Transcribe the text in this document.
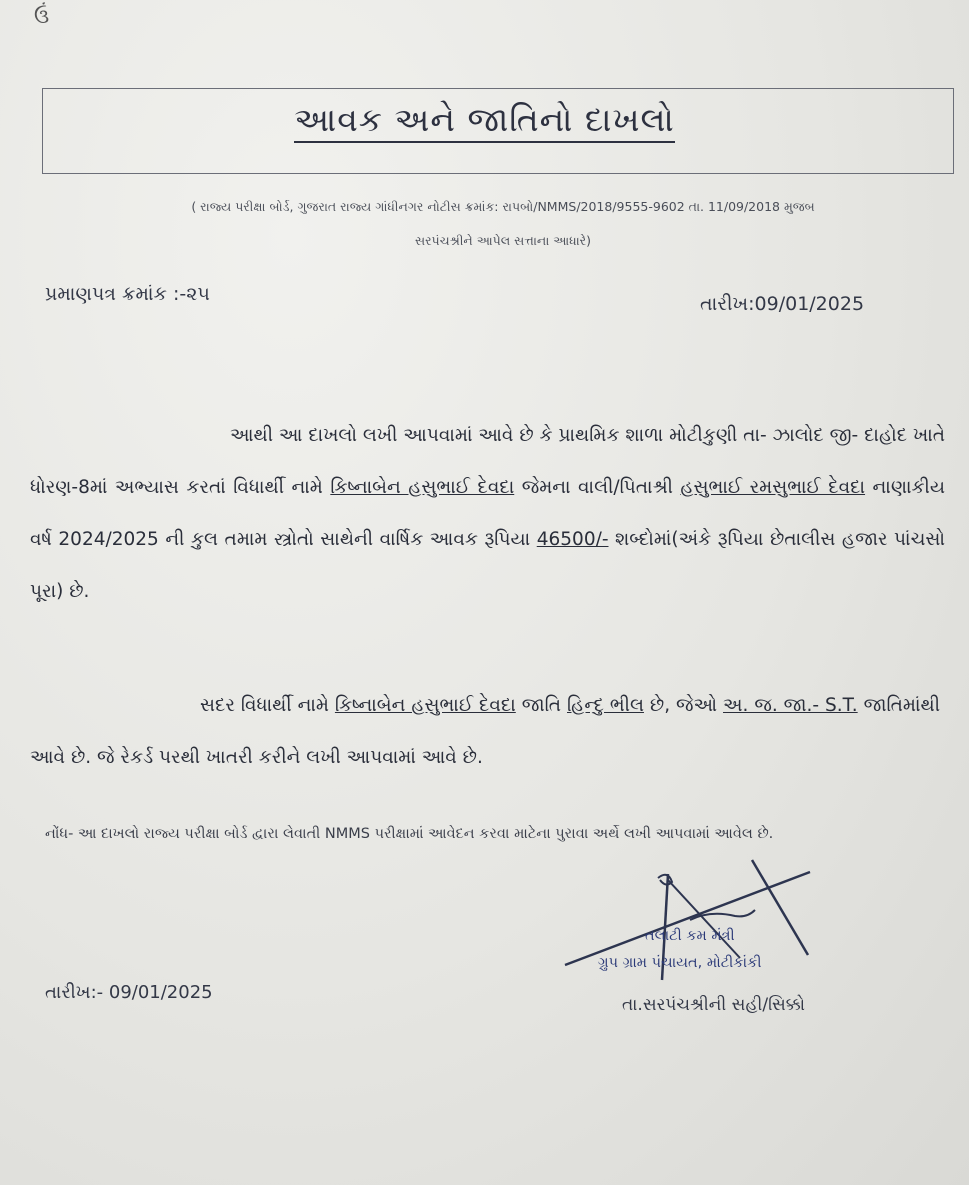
ઉં
આવક અને જાતિનો દાખલો
( રાજ્ય પરીક્ષા બોર્ડ, ગુજરાત રાજ્ય ગાંધીનગર નોટીસ ક્રમાંક: રાપબો/NMMS/2018/9555-9602 તા. 11/09/2018 મુજબ
સરપંચશ્રીને આપેલ સત્તાના આધારે)
પ્રમાણપત્ર ક્રમાંક :-૨૫	તારીખ:09/01/2025
આથી આ દાખલો લખી આપવામાં આવે છે કે પ્રાથમિક શાળા મોટીકુણી તા- ઝાલોદ જી- દાહોદ ખાતે ધોરણ-8માં અભ્યાસ કરતાં વિધાર્થી નામે કિષ્નાબેન હસુભાઈ દેવદા જેમના વાલી/પિતાશ્રી હસુભાઈ રમસુભાઈ દેવદા નાણાકીય વર્ષ 2024/2025 ની કુલ તમામ સ્ત્રોતો સાથેની વાર્ષિક આવક રૂપિયા 46500/- શબ્દોમાં(અંકે રૂપિયા છેતાલીસ હજાર પાંચસો પૂરા) છે.
સદર વિધાર્થી નામે કિષ્નાબેન હસુભાઈ દેવદા જાતિ હિન્દુ ભીલ છે, જેઓ અ. જ. જા.- S.T. જાતિમાંથી આવે છે. જે રેકર્ડ પરથી ખાતરી કરીને લખી આપવામાં આવે છે.
નોંધ- આ દાખલો રાજ્ય પરીક્ષા બોર્ડ દ્વારા લેવાતી NMMS પરીક્ષામાં આવેદન કરવા માટેના પુરાવા અર્થે લખી આપવામાં આવેલ છે.
તારીખ:- 09/01/2025
તલાટી કમ મંત્રી
ગ્રુપ ગ્રામ પંચાયત, મોટીકાંકી
તા.સરપંચશ્રીની સહી/સિક્કો
